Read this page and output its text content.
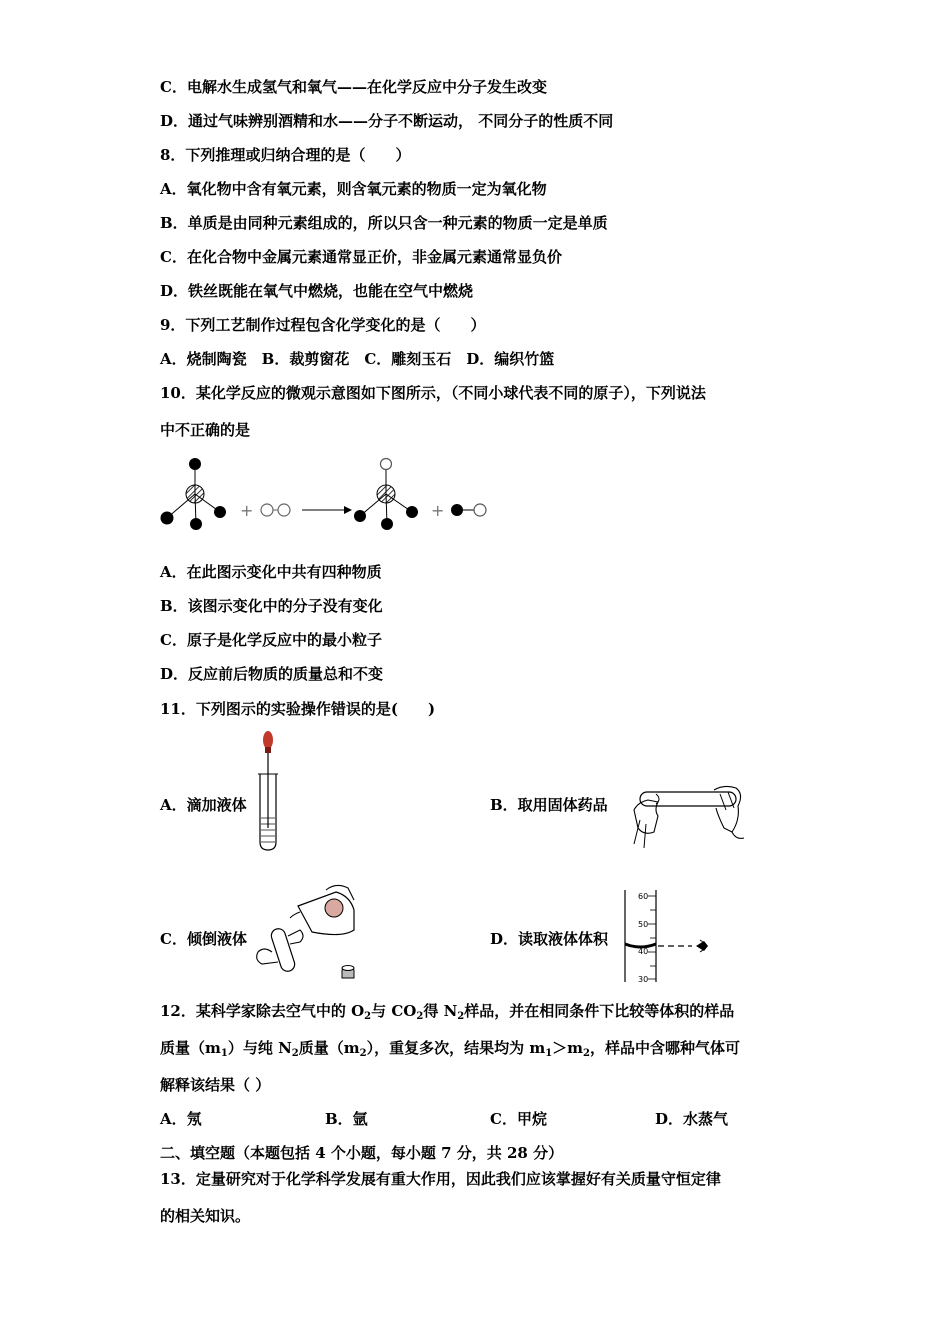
C．电解水生成氢气和氧气——在化学反应中分子发生改变
D．通过气味辨别酒精和水——分子不断运动， 不同分子的性质不同
8．下列推理或归纳合理的是（　　）
A．氧化物中含有氧元素，则含氧元素的物质一定为氧化物
B．单质是由同种元素组成的，所以只含一种元素的物质一定是单质
C．在化合物中金属元素通常显正价，非金属元素通常显负价
D．铁丝既能在氧气中燃烧，也能在空气中燃烧
9．下列工艺制作过程包含化学变化的是（　　）
A．烧制陶瓷　B．裁剪窗花　C．雕刻玉石　D．编织竹篮
10．某化学反应的微观示意图如下图所示，（不同小球代表不同的原子），下列说法
中不正确的是
+	+
A．在此图示变化中共有四种物质
B．该图示变化中的分子没有变化
C．原子是化学反应中的最小粒子
D．反应前后物质的质量总和不变
11．下列图示的实验操作错误的是(　　)
A．滴加液体	B．取用固体药品
C．倾倒液体	D．读取液体体积
60
50
40
30
12．某科学家除去空气中的 $O_2$与 $CO_2$得 $N_2$样品，并在相同条件下比较等体积的样品
质量$(m_1)$与纯 $N_2$质量$(m_2)$，重复多次，结果均为 $m_1>m_2$，样品中含哪种气体可
解释该结果（ ）
A．氖	B．氩	C．甲烷	D．水蒸气
二、填空题（本题包括 4 个小题，每小题 7 分，共 28 分）
13．定量研究对于化学科学发展有重大作用，因此我们应该掌握好有关质量守恒定律
的相关知识。
